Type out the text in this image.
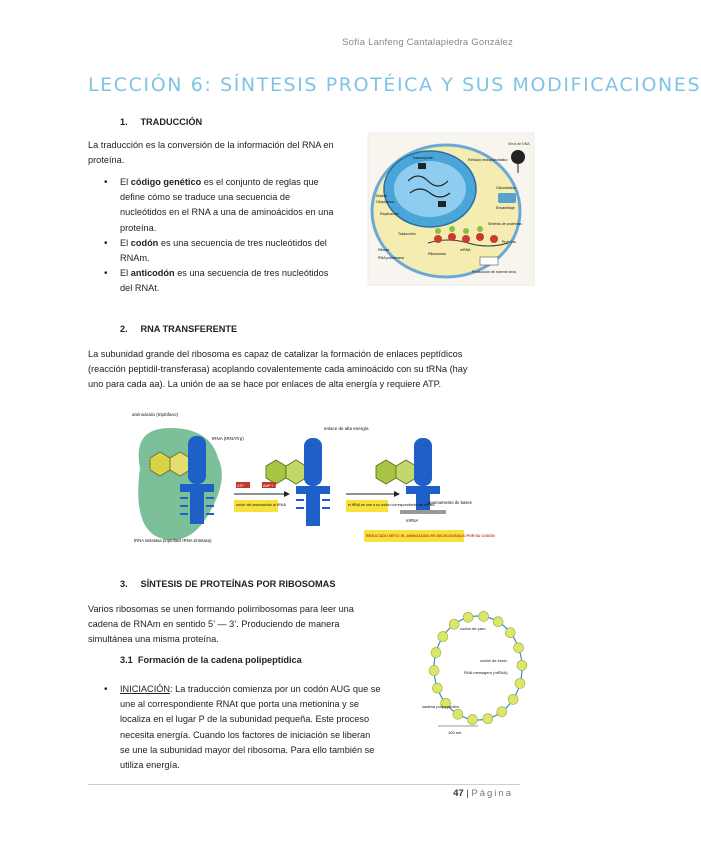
Sofía Lanfeng Cantalapiedra González
LECCIÓN 6: SÍNTESIS PROTÉICA Y SUS MODIFICACIONES
1. TRADUCCIÓN
La traducción es la conversión de la información del RNA en
proteína.
• El código genético es el conjunto de reglas que
define cómo se traduce una secuencia de
nucleótidos en el RNA a una de aminoácidos en una
proteína.
• El codón es una secuencia de tres nucleótidos del
RNAm.
• El anticodón es una secuencia de tres nucleótidos
del RNAt.
Virus de DNA
Transcripción
Replicación
Traducción
Síntesis de proteínas
Proteína
Producción de nuevos virus
Glicosilación
Ensamblaje
Ribosomas
Ribosa
RNA polimerasa
mRNA
Retículo endoplasmático
Núcleo
Citoplasma
2. RNA TRANSFERENTE
La subunidad grande del ribosoma es capaz de catalizar la formación de enlaces peptídicos
(reacción peptidil-transferasa) acoplando covalentemente cada aminoácido con su tRNa (hay
uno para cada aa). La unión de aa se hace por enlaces de alta energía y requiere ATP.
aminoácido (triptófano)
tRNA (tRNATrp)
tRNA sintetasa (triptofanil tRNA sintetasa)
enlace de alta energía
apareamiento de bases
mRNA
ATP	AMP + 2Pi
unión del aminoácido al tRNA	el tRNA se une a su codón correspondiente del mRNA
RESULTADO NETO: EL AMINOÁCIDO ES SELECCIONADO POR SU CODÓN
3. SÍNTESIS DE PROTEÍNAS POR RIBOSOMAS
Varios ribosomas se unen formando polirribosomas para leer una
cadena de RNAm en sentido 5’ — 3’. Produciendo de manera
simultánea una misma proteína.
3.1 Formación de la cadena polipeptídica
• INICIACIÓN: La traducción comienza por un codón AUG que se
une al correspondiente RNAt que porta una metionina y se
localiza en el lugar P de la subunidad pequeña. Este proceso
necesita energía. Cuando los factores de iniciación se liberan
se une la subunidad mayor del ribosoma. Para ello también se
utiliza energía.
100 nm
codón de paro
codón de inicio
RNA mensajero (mRNA)
cadena polipeptídica
47 | Página
